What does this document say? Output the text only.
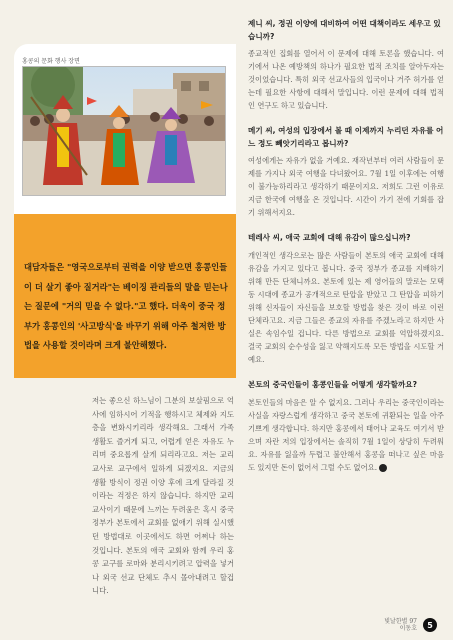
홍콩의 문화 행사 장면

대담자들은 "영국으로부터 권력을 이양 받으면 홍콩인들이 더 살기 좋아 질거라"는 베이징 관리들의 말을 믿는나는 질문에 "거의 믿을 수 없다."고 했다. 더욱이 중국 정부가 홍콩인의 '사고방식'을 바꾸기 위해 아주 철저한 방법을 사용할 것이라며 크게 불안해했다.

저는 좋으신 하느님이 그분의 보살핌으로 억사에 임하시어 기적을 행하시고 체제와 지도층을 변화시키리라 생각해요. 그래서 가족 생활도 즐거게 되고, 어렵게 얻은 자유도 누리며 중요롭게 살게 되리라고요. 저는 교리 교사로 교구에서 일하게 되겠지요. 지금의 생활 방식이 정권 이양 후에 크게 달라질 것이라는 걱정은 하지 않습니다. 하지만 교리 교사이기 때문에 느끼는 두려움은 혹시 중국 정부가 본토에서 교회를 없애기 위해 실시했던 방법대로 이곳에서도 하면 어쩌나 하는 것입니다. 본토의 애국 교회와 함께 우리 홍콩 교구를 로마와 분리시키려고 압력을 넣거나 외국 선교 단체도 추시 몰아내려고 할겁니다.

제니 씨, 정권 이양에 대비하여 어떤 대책이라도 세우고 있습니까?

종교적인 집회를 열어서 이 문제에 대해 토론을 했습니다. 여기에서 나온 예방책의 하나가 필요한 법적 조치를 알아두자는 것이었습니다. 특히 외국 선교사들의 입국이나 거주 허가를 얻는데 필요한 사항에 대해서 말입니다. 이런 문제에 대해 법적인 연구도 하고 있습니다.

메기 씨, 여성의 입장에서 볼 때 이제까지 누리던 자유를 어느 정도 빼앗기리라고 봅니까?

여성에게는 자유가 없을 거예요. 재작년부터 여러 사람들이 문제를 가지나 외국 여행을 다녀왔어요. 7월 1일 이후에는 여행이 불가능하리라고 생각하기 때문이지요. 저희도 그런 이유로 지금 한국에 여행을 온 것입니다. 시간이 가기 전에 기회를 잡기 위해서지요.

테레사 씨, 애국 교회에 대해 유감이 많으십니까?

개인적인 생각으로는 많은 사람들이 본토의 애국 교회에 대해 유감을 가지고 있다고 봅니다. 중국 정부가 종교를 지배하기 위해 만든 단체니까요. 본토에 있는 제 영어들의 말로는 모택동 시대에 종교가 공개적으로 탄압을 받았고 그 탄압을 피하기 위해 신자들이 자신들을 보호할 방법을 찾은 것이 바로 이런 단체라고요. 지금 그들은 종교의 자유를 주겠노라고 하지만 사실은 속임수일 겁니다. 다른 방법으로 교회를 억압하겠지요. 결국 교회의 순수성을 잃고 약해지도록 모든 방법을 시도할 거예요.

본토의 중국인들이 홍콩인들을 어떻게 생각할까요?

본토인들의 마음은 알 수 없지요. 그러나 우리는 중국인이라는 사실을 자랑스럽게 생각하고 중국 본토에 귀환되는 일을 아주 기쁘게 생각합니다. 하지만 홍콩에서 태어나 교육도 여기서 받으며 자란 저의 입장에서는 솔직히 7월 1일이 상당히 두려워요. 자유를 잃을까 두렵고 불안해서 홍콩을 떠나고 싶은 마음도 있지만 돈이 없어서 그럴 수도 없어요.

빛날한별 97 이동호	5
